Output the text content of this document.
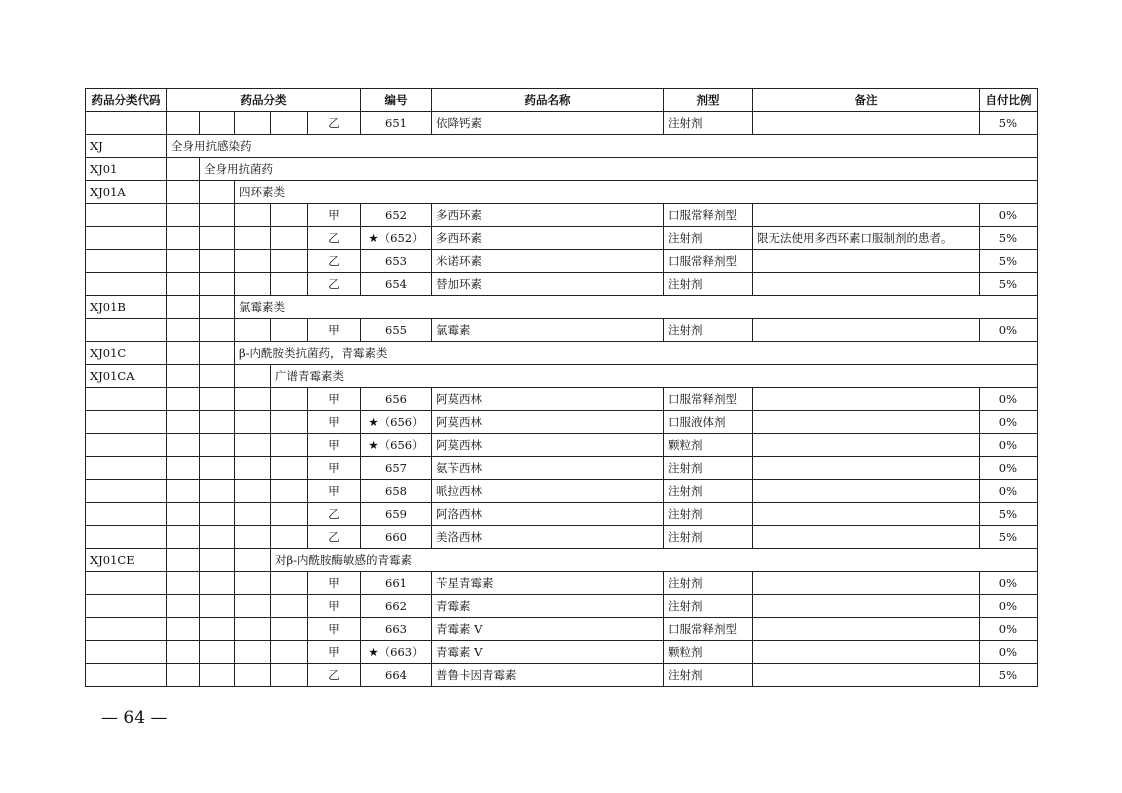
药品分类代码	药品分类					编号	药品名称	剂型	备注	自付比例
					乙	651	依降钙素	注射剂		5%
XJ	全身用抗感染药									
XJ01		全身用抗菌药								
XJ01A			四环素类							
					甲	652	多西环素	口服常释剂型		0%
					乙	★（652）	多西环素	注射剂	限无法使用多西环素口服制剂的患者。	5%
					乙	653	米诺环素	口服常释剂型		5%
					乙	654	替加环素	注射剂		5%
XJ01B			氯霉素类							
					甲	655	氯霉素	注射剂		0%
XJ01C			β-内酰胺类抗菌药，青霉素类							
XJ01CA				广谱青霉素类						
					甲	656	阿莫西林	口服常释剂型		0%
					甲	★（656）	阿莫西林	口服液体剂		0%
					甲	★（656）	阿莫西林	颗粒剂		0%
					甲	657	氨苄西林	注射剂		0%
					甲	658	哌拉西林	注射剂		0%
					乙	659	阿洛西林	注射剂		5%
					乙	660	美洛西林	注射剂		5%
XJ01CE				对β-内酰胺酶敏感的青霉素						
					甲	661	苄星青霉素	注射剂		0%
					甲	662	青霉素	注射剂		0%
					甲	663	青霉素 V	口服常释剂型		0%
					甲	★（663）	青霉素 V	颗粒剂		0%
					乙	664	普鲁卡因青霉素	注射剂		5%
— 64 —
